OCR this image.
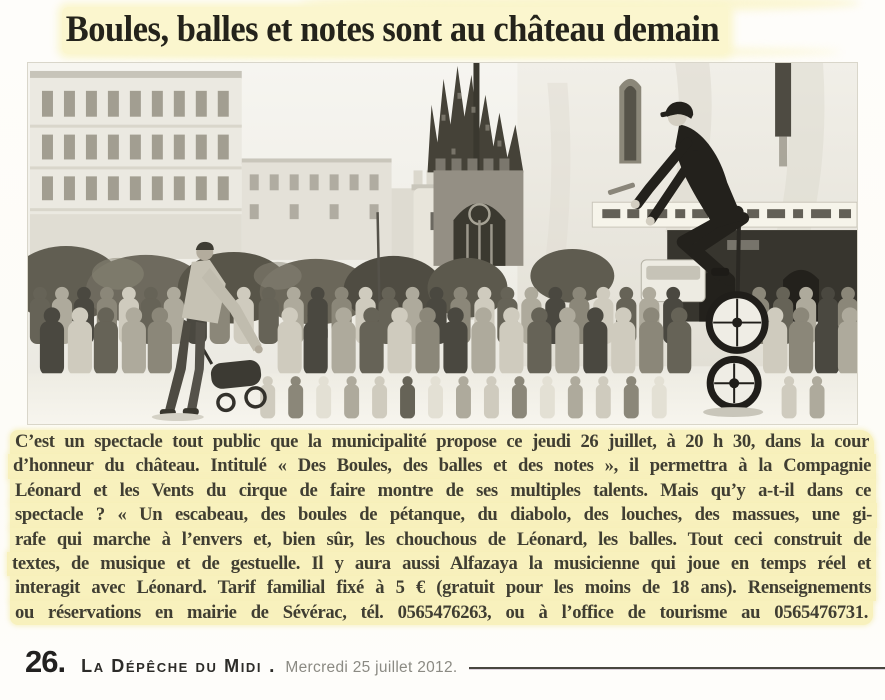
Boules, balles et notes sont au château demain

C’est un spectacle tout public que la municipalité propose ce jeudi 26 juillet, à 20 h 30, dans la cour

d’honneur du château. Intitulé « Des Boules, des balles et des notes », il permettra à la Compagnie

Léonard et les Vents du cirque de faire montre de ses multiples talents. Mais qu’y a-t-il dans ce

spectacle ? « Un escabeau, des boules de pétanque, du diabolo, des louches, des massues, une gi-

rafe qui marche à l’envers et, bien sûr, les chouchous de Léonard, les balles. Tout ceci construit de

textes, de musique et de gestuelle. Il y aura aussi Alfazaya la musicienne qui joue en temps réel et

interagit avec Léonard. Tarif familial fixé à 5 € (gratuit pour les moins de 18 ans). Renseignements

ou réservations en mairie de Sévérac, tél. 0565476263, ou à l’office de tourisme au 0565476731.

26. La Dépêche du Midi . Mercredi 25 juillet 2012.
